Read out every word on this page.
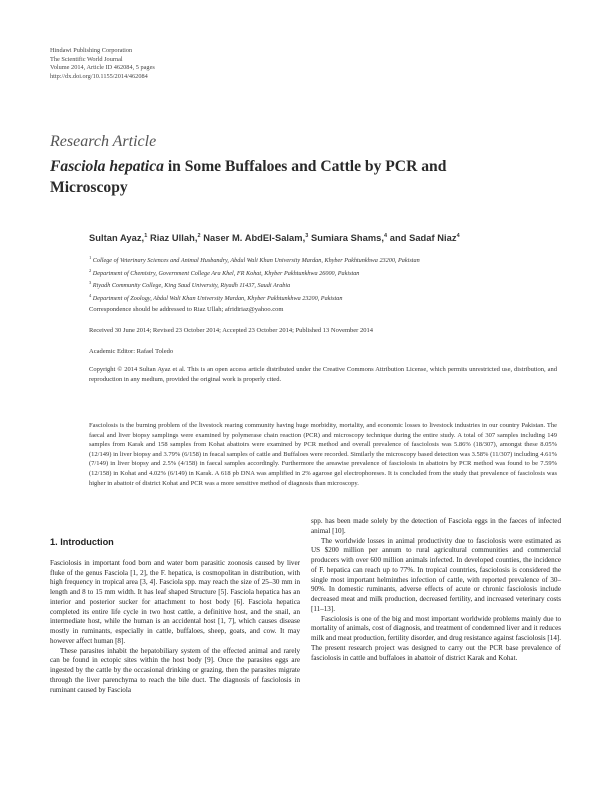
Hindawi Publishing Corporation
The Scientific World Journal
Volume 2014, Article ID 462084, 5 pages
http://dx.doi.org/10.1155/2014/462084
Research Article
Fasciola hepatica in Some Buffaloes and Cattle by PCR and Microscopy
Sultan Ayaz,$^1$ Riaz Ullah,$^2$ Naser M. AbdEl-Salam,$^3$ Sumiara Shams,$^4$ and Sadaf Niaz$^4$
$^1$ College of Veterinary Sciences and Animal Husbandry, Abdul Wali Khan University Mardan, Khyber Pakhtunkhwa 23200, Pakistan
$^2$ Department of Chemistry, Government College Ara Khel, FR Kohat, Khyber Pakhtunkhwa 26000, Pakistan
$^3$ Riyadh Community College, King Saud University, Riyadh 11437, Saudi Arabia
$^4$ Department of Zoology, Abdul Wali Khan University Mardan, Khyber Pakhtunkhwa 23200, Pakistan
Correspondence should be addressed to Riaz Ullah; afridiriaz@yahoo.com
Received 30 June 2014; Revised 23 October 2014; Accepted 23 October 2014; Published 13 November 2014
Academic Editor: Rafael Toledo
Copyright © 2014 Sultan Ayaz et al. This is an open access article distributed under the Creative Commons Attribution License, which permits unrestricted use, distribution, and reproduction in any medium, provided the original work is properly cited.
Fasciolosis is the burning problem of the livestock rearing community having huge morbidity, mortality, and economic losses to livestock industries in our country Pakistan. The faecal and liver biopsy samplings were examined by polymerase chain reaction (PCR) and microscopy technique during the entire study. A total of 307 samples including 149 samples from Karak and 158 samples from Kohat abattoirs were examined by PCR method and overall prevalence of fasciolosis was 5.86% (18/307), amongst these 8.05% (12/149) in liver biopsy and 3.79% (6/158) in feacal samples of cattle and Buffaloes were recorded. Similarly the microscopy based detection was 3.58% (11/307) including 4.61% (7/149) in liver biopsy and 2.5% (4/158) in faecal samples accordingly. Furthermore the areawise prevalence of fasciolosis in abattoirs by PCR method was found to be 7.59% (12/158) in Kohat and 4.02% (6/149) in Karak. A 618 pb DNA was amplified in 2% agarose gel electrophoreses. It is concluded from the study that prevalence of fasciolosis was higher in abattoir of district Kohat and PCR was a more sensitive method of diagnosis than microscopy.
1. Introduction

Fasciolosis in important food born and water born parasitic zoonosis caused by liver fluke of the genus Fasciola [1, 2], the F. hepatica, is cosmopolitan in distribution, with high frequency in tropical area [3, 4]. Fasciola spp. may reach the size of 25–30 mm in length and 8 to 15 mm width. It has leaf shaped Structure [5]. Fasciola hepatica has an interior and posterior sucker for attachment to host body [6]. Fasciola hepatica completed its entire life cycle in two host cattle, a definitive host, and the snail, an intermediate host, while the human is an accidental host [1, 7], which causes disease mostly in ruminants, especially in cattle, buffaloes, sheep, goats, and cow. It may however affect human [8].

These parasites inhabit the hepatobiliary system of the effected animal and rarely can be found in ectopic sites within the host body [9]. Once the parasites eggs are ingested by the cattle by the occasional drinking or grazing, then the parasites migrate through the liver parenchyma to reach the bile duct. The diagnosis of fasciolosis in ruminant caused by Fasciola

spp. has been made solely by the detection of Fasciola eggs in the faeces of infected animal [10].

The worldwide losses in animal productivity due to fasciolosis were estimated as US $200 million per annum to rural agricultural communities and commercial producers with over 600 million animals infected. In developed counties, the incidence of F. hepatica can reach up to 77%. In tropical countries, fasciolosis is considered the single most important helminthes infection of cattle, with reported prevalence of 30–90%. In domestic ruminants, adverse effects of acute or chronic fasciolosis include decreased meat and milk production, decreased fertility, and increased veterinary costs [11–13].

Fasciolosis is one of the big and most important worldwide problems mainly due to mortality of animals, cost of diagnosis, and treatment of condemned liver and it reduces milk and meat production, fertility disorder, and drug resistance against fasciolosis [14]. The present research project was designed to carry out the PCR base prevalence of fasciolosis in cattle and buffaloes in abattoir of district Karak and Kohat.
